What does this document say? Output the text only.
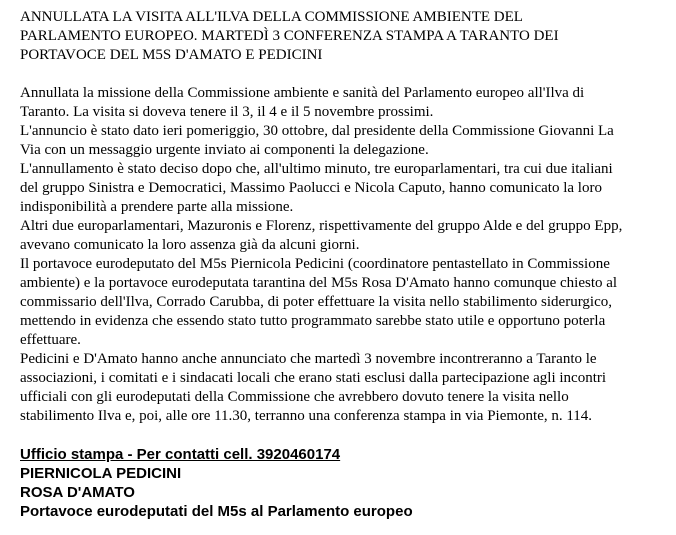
ANNULLATA LA VISITA ALL'ILVA DELLA COMMISSIONE AMBIENTE DEL
PARLAMENTO EUROPEO. MARTEDÌ 3 CONFERENZA STAMPA A TARANTO DEI
PORTAVOCE DEL M5S D'AMATO E PEDICINI
Annullata la missione della Commissione ambiente e sanità del Parlamento europeo all'Ilva di
Taranto. La visita si doveva tenere il 3, il 4 e il 5 novembre prossimi.
L'annuncio è stato dato ieri pomeriggio, 30 ottobre, dal presidente della Commissione Giovanni La
Via con un messaggio urgente inviato ai componenti la delegazione.
L'annullamento è stato deciso dopo che, all'ultimo minuto, tre europarlamentari, tra cui due italiani
del gruppo Sinistra e Democratici, Massimo Paolucci e Nicola Caputo, hanno comunicato la loro
indisponibilità a prendere parte alla missione.
Altri due europarlamentari, Mazuronis e Florenz, rispettivamente del gruppo Alde e del gruppo Epp,
avevano comunicato la loro assenza già da alcuni giorni.
Il portavoce eurodeputato del M5s Piernicola Pedicini (coordinatore pentastellato in Commissione
ambiente) e la portavoce eurodeputata tarantina del M5s Rosa D'Amato hanno comunque chiesto al
commissario dell'Ilva, Corrado Carubba, di poter effettuare la visita nello stabilimento siderurgico,
mettendo in evidenza che essendo stato tutto programmato sarebbe stato utile e opportuno poterla
effettuare.
Pedicini e D'Amato hanno anche annunciato che martedì 3 novembre incontreranno a Taranto le
associazioni, i comitati e i sindacati locali che erano stati esclusi dalla partecipazione agli incontri
ufficiali con gli eurodeputati della Commissione che avrebbero dovuto tenere la visita nello
stabilimento Ilva e, poi, alle ore 11.30, terranno una conferenza stampa in via Piemonte, n. 114.
Ufficio stampa - Per contatti cell. 3920460174
PIERNICOLA PEDICINI
ROSA D'AMATO
Portavoce eurodeputati del M5s al Parlamento europeo
